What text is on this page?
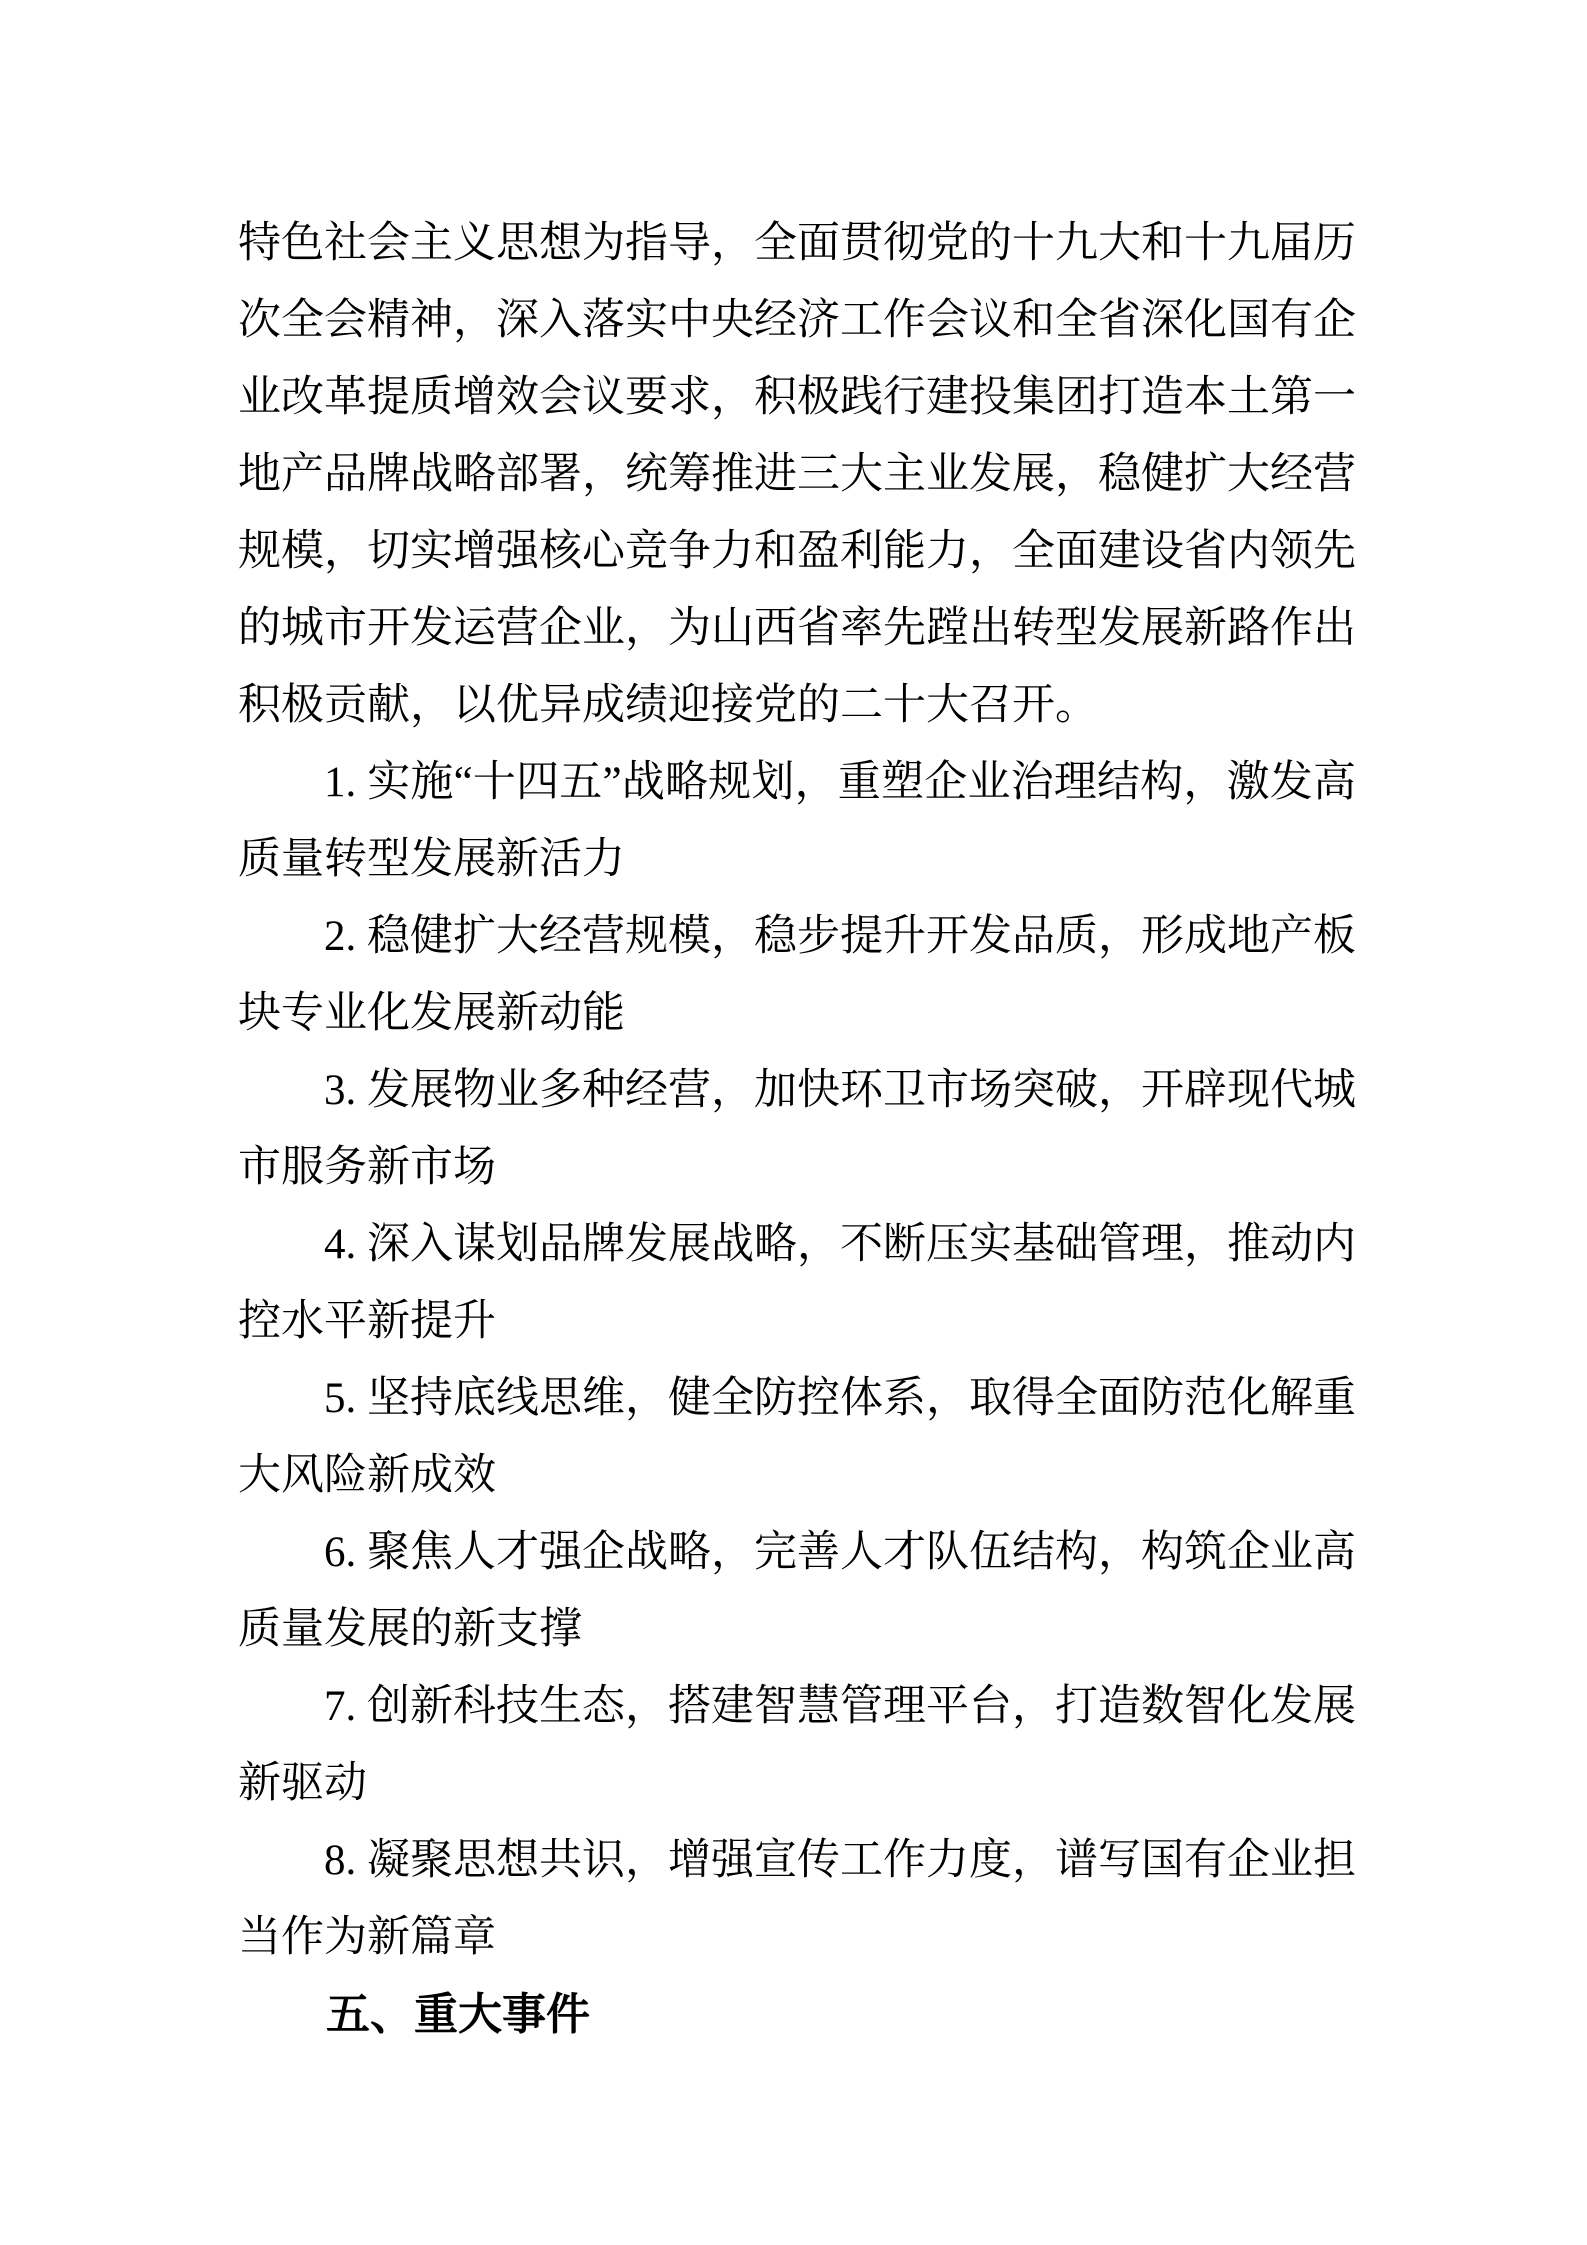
特色社会主义思想为指导，全面贯彻党的十九大和十九届历次全会精神，深入落实中央经济工作会议和全省深化国有企业改革提质增效会议要求，积极践行建投集团打造本土第一地产品牌战略部署，统筹推进三大主业发展，稳健扩大经营规模，切实增强核心竞争力和盈利能力，全面建设省内领先的城市开发运营企业，为山西省率先蹚出转型发展新路作出积极贡献，以优异成绩迎接党的二十大召开。

1. 实施“十四五”战略规划，重塑企业治理结构，激发高质量转型发展新活力

2. 稳健扩大经营规模，稳步提升开发品质，形成地产板块专业化发展新动能

3. 发展物业多种经营，加快环卫市场突破，开辟现代城市服务新市场

4. 深入谋划品牌发展战略，不断压实基础管理，推动内控水平新提升

5. 坚持底线思维，健全防控体系，取得全面防范化解重大风险新成效

6. 聚焦人才强企战略，完善人才队伍结构，构筑企业高质量发展的新支撑

7. 创新科技生态，搭建智慧管理平台，打造数智化发展新驱动

8. 凝聚思想共识，增强宣传工作力度，谱写国有企业担当作为新篇章

五、重大事件
